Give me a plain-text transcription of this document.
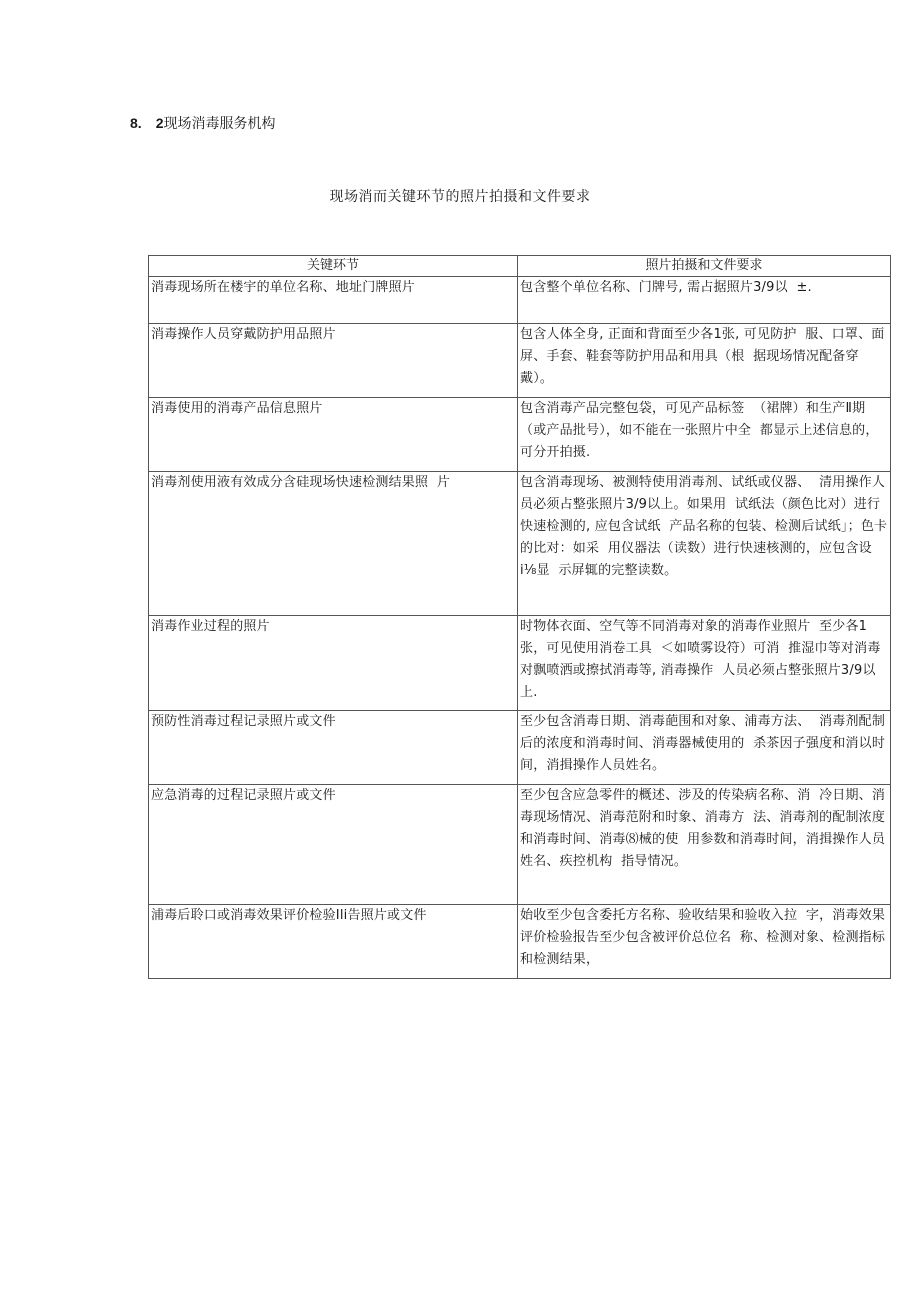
8. 2现场消毒服务机构
现场消而关键环节的照片拍摄和文件要求
关键环节	照片拍摄和文件要求

消毒现场所在楼宇的单位名称、地址门牌照片	包含整个单位名称、门牌号, 需占据照片3/9以  ±.

消毒操作人员穿戴防护用品照片	包含人体全身, 正面和背面至少各1张, 可见防护  服、口罩、面屏、手套、鞋套等防护用品和用具（根  据现场情况配备穿戴）。

消毒使用的消毒产品信息照片	包含消毒产品完整包袋，可见产品标签  （裙牌）和生产Ⅱ期（或产品批号），如不能在一张照片中全  都显示上述信息的，可分开拍摄.

消毒剂使用液有效成分含硅现场快速检测结果照  片	包含消毒现场、被测特使用消毒剂、试纸或仪器、  清用操作人员必须占整张照片3/9以上。如果用  试纸法（颜色比对）进行快速检测的, 应包含试纸  产品名称的包装、检测后试纸」；色卡的比对：如采  用仪器法（读数）进行快速核测的，应包含设i⅛显  示屏辄的完整读数。

消毒作业过程的照片	时物体衣面、空气等不同消毒对象的消毒作业照片  至少各1张，可见使用消卷工具  ＜如喷雾设符）可消  推湿巾等对消毒对飘喷洒或擦拭消毒等, 消毒操作  人员必须占整张照片3/9以上.

预防性消毒过程记录照片或文件	至少包含消毒日期、消毒葩围和对象、浦毒方法、  消毒剂配制后的浓度和消毒时间、消毒器械使用的  杀茶因子强度和消以时间，消揖操作人员姓名。

应急消毒的过程记录照片或文件	至少包含应急零件的概述、涉及的传染病名称、消  冷日期、消毒现场情况、消毒范附和时象、消毒方  法、消毒剂的配制浓度和消毒时间、消毒⑻械的使  用参数和消毒时间，消揖操作人员姓名、疾控机构  指导情况。

浦毒后聆口或消毒效果评价检验Ili告照片或文件	始收至少包含委托方名称、验收结果和验收入拉  字，消毒效果评价检验报告至少包含被评价总位名  称、检测对象、检测指标和检测结果，
